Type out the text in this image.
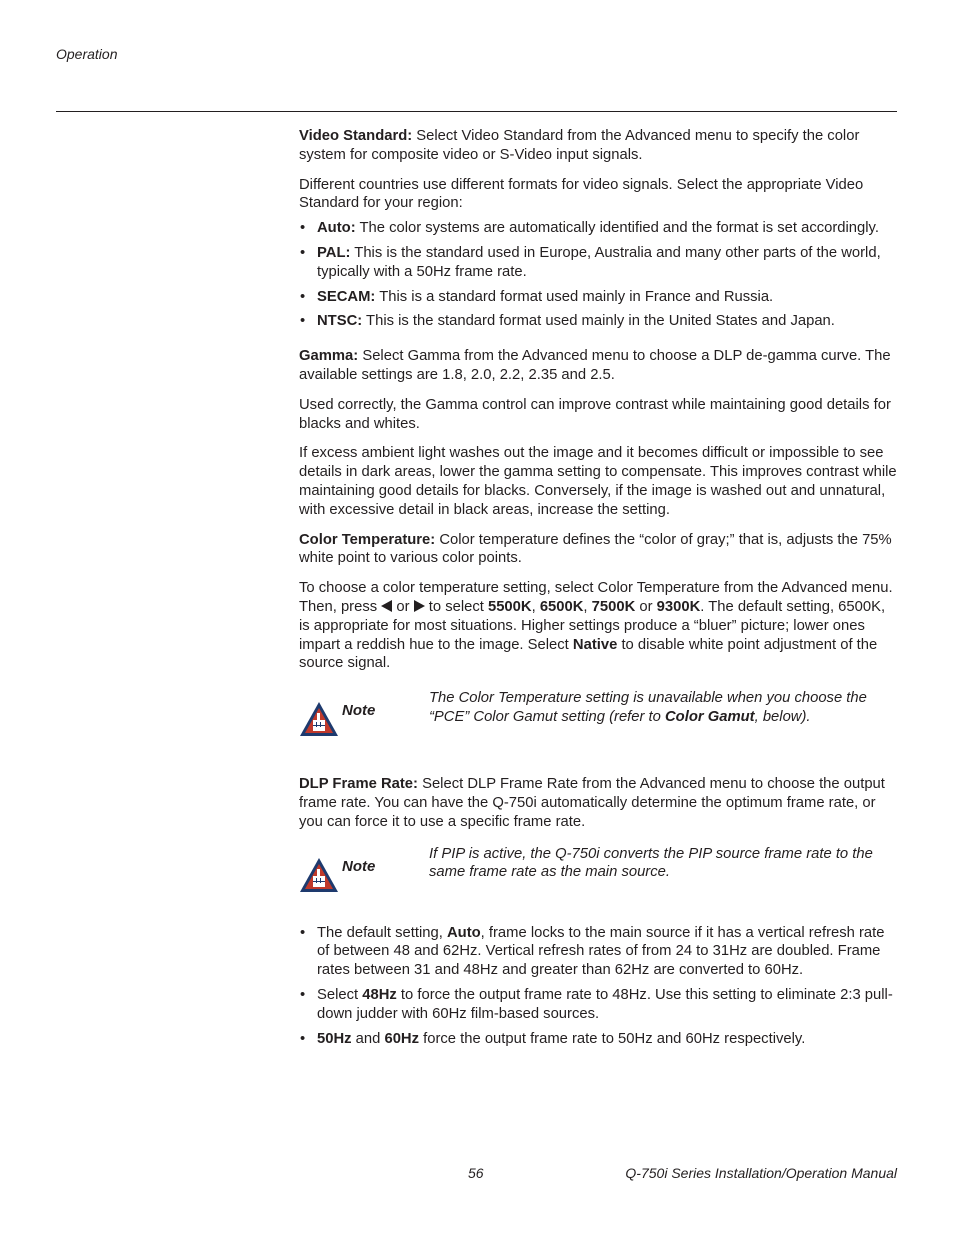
Operation

Video Standard: Select Video Standard from the Advanced menu to specify the color system for composite video or S-Video input signals.

Different countries use different formats for video signals. Select the appropriate Video Standard for your region:

• Auto: The color systems are automatically identified and the format is set accordingly.
• PAL: This is the standard used in Europe, Australia and many other parts of the world, typically with a 50Hz frame rate.
• SECAM: This is a standard format used mainly in France and Russia.
• NTSC: This is the standard format used mainly in the United States and Japan.

Gamma: Select Gamma from the Advanced menu to choose a DLP de-gamma curve. The available settings are 1.8, 2.0, 2.2, 2.35 and 2.5.

Used correctly, the Gamma control can improve contrast while maintaining good details for blacks and whites.

If excess ambient light washes out the image and it becomes difficult or impossible to see details in dark areas, lower the gamma setting to compensate. This improves contrast while maintaining good details for blacks. Conversely, if the image is washed out and unnatural, with excessive detail in black areas, increase the setting.

Color Temperature: Color temperature defines the “color of gray;” that is, adjusts the 75% white point to various color points.

To choose a color temperature setting, select Color Temperature from the Advanced menu. Then, press  or  to select 5500K, 6500K, 7500K or 9300K. The default setting, 6500K, is appropriate for most situations. Higher settings produce a “bluer” picture; lower ones impart a reddish hue to the image. Select Native to disable white point adjustment of the source signal.

Note
The Color Temperature setting is unavailable when you choose the “PCE” Color Gamut setting (refer to Color Gamut, below).

DLP Frame Rate: Select DLP Frame Rate from the Advanced menu to choose the output frame rate. You can have the Q-750i automatically determine the optimum frame rate, or you can force it to use a specific frame rate.

Note
If PIP is active, the Q-750i converts the PIP source frame rate to the same frame rate as the main source.
• The default setting, Auto, frame locks to the main source if it has a vertical refresh rate of between 48 and 62Hz. Vertical refresh rates of from 24 to 31Hz are doubled. Frame rates between 31 and 48Hz and greater than 62Hz are converted to 60Hz.
• Select 48Hz to force the output frame rate to 48Hz. Use this setting to eliminate 2:3 pull-down judder with 60Hz film-based sources.
• 50Hz and 60Hz force the output frame rate to 50Hz and 60Hz respectively.
56	Q-750i Series Installation/Operation Manual
